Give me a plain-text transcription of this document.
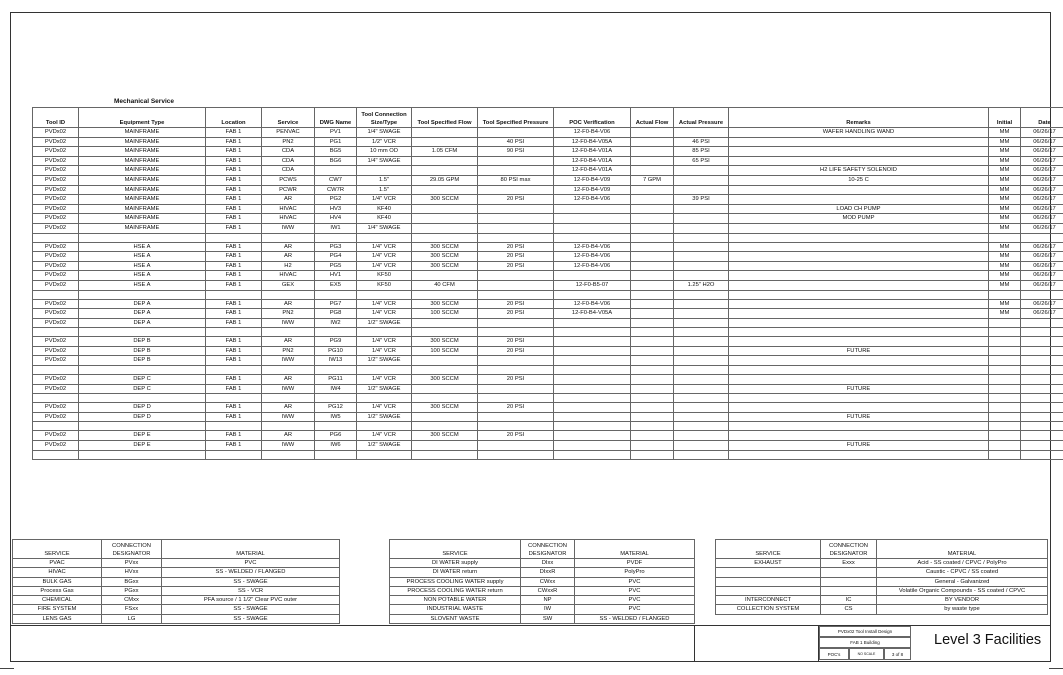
Mechanical Service
Tool ID	Equipment Type	Location	Service	DWG Name	Tool Connection Size/Type	Tool Specified Flow	Tool Specified Pressure	POC Verification	Actual Flow	Actual Pressure	Remarks	Initial	Date
PVDx02	MAINFRAME	FAB 1	PENVAC	PV1	1/4" SWAGE			12-F0-B4-V06			WAFER HANDLING WAND	MM	06/26/17
PVDx02	MAINFRAME	FAB 1	PN2	PG1	1/2" VCR		40 PSI	12-F0-B4-V05A		46 PSI		MM	06/26/17
PVDx02	MAINFRAME	FAB 1	CDA	BG5	10 mm OD	1.05 CFM	90 PSI	12-F0-B4-V01A		85 PSI		MM	06/26/17
PVDx02	MAINFRAME	FAB 1	CDA	BG6	1/4" SWAGE			12-F0-B4-V01A		65 PSI		MM	06/26/17
PVDx02	MAINFRAME	FAB 1	CDA					12-F0-B4-V01A			H2 LIFE SAFETY SOLENOID	MM	06/26/17
PVDx02	MAINFRAME	FAB 1	PCWS	CW7	1.5"	29.05 GPM	80 PSI max	12-F0-B4-V09	7 GPM		10-25 C	MM	06/26/17
PVDx02	MAINFRAME	FAB 1	PCWR	CW7R	1.5"			12-F0-B4-V09				MM	06/26/17
PVDx02	MAINFRAME	FAB 1	AR	PG2	1/4" VCR	300 SCCM	20 PSI	12-F0-B4-V06		39 PSI		MM	06/26/17
PVDx02	MAINFRAME	FAB 1	HIVAC	HV3	KF40						LOAD CH PUMP	MM	06/26/17
PVDx02	MAINFRAME	FAB 1	HIVAC	HV4	KF40						MOD PUMP	MM	06/26/17
PVDx02	MAINFRAME	FAB 1	IWW	IW1	1/4" SWAGE							MM	06/26/17

PVDx02	HSE A	FAB 1	AR	PG3	1/4" VCR	300 SCCM	20 PSI	12-F0-B4-V06				MM	06/26/17
PVDx02	HSE A	FAB 1	AR	PG4	1/4" VCR	300 SCCM	20 PSI	12-F0-B4-V06				MM	06/26/17
PVDx02	HSE A	FAB 1	H2	PG5	1/4" VCR	300 SCCM	20 PSI	12-F0-B4-V06				MM	06/26/17
PVDx02	HSE A	FAB 1	HIVAC	HV1	KF50							MM	06/26/17
PVDx02	HSE A	FAB 1	GEX	EX5	KF50	40 CFM		12-F0-B5-07		1.25" H2O		MM	06/26/17

PVDx02	DEP A	FAB 1	AR	PG7	1/4" VCR	300 SCCM	20 PSI	12-F0-B4-V06				MM	06/26/17
PVDx02	DEP A	FAB 1	PN2	PG8	1/4" VCR	100 SCCM	20 PSI	12-F0-B4-V05A				MM	06/26/17
PVDx02	DEP A	FAB 1	IWW	IW2	1/2" SWAGE								

PVDx02	DEP B	FAB 1	AR	PG9	1/4" VCR	300 SCCM	20 PSI						
PVDx02	DEP B	FAB 1	PN2	PG10	1/4" VCR	100 SCCM	20 PSI				FUTURE		
PVDx02	DEP B	FAB 1	IWW	IW13	1/2" SWAGE								

PVDx02	DEP C	FAB 1	AR	PG11	1/4" VCR	300 SCCM	20 PSI						
PVDx02	DEP C	FAB 1	IWW	IW4	1/2" SWAGE						FUTURE		

PVDx02	DEP D	FAB 1	AR	PG12	1/4" VCR	300 SCCM	20 PSI						
PVDx02	DEP D	FAB 1	IWW	IW5	1/2" SWAGE						FUTURE		

PVDx02	DEP E	FAB 1	AR	PG6	1/4" VCR	300 SCCM	20 PSI						
PVDx02	DEP E	FAB 1	IWW	IW6	1/2" SWAGE						FUTURE		

SERVICE	CONNECTION DESIGNATOR	MATERIAL
PVAC	PVxx	PVC
HIVAC	HVxx	SS - WELDED / FLANGED
BULK GAS	BGxx	SS - SWAGE
Process Gas	PGxx	SS - VCR
CHEMICAL	CMxx	PFA source / 1 1/2" Clear PVC outer
FIRE SYSTEM	FSxx	SS - SWAGE
LENS GAS	LG	SS - SWAGE
SERVICE	CONNECTION DESIGNATOR	MATERIAL
DI WATER supply	DIxx	PVDF
DI WATER return	DIxxR	PolyPro
PROCESS COOLING WATER supply	CWxx	PVC
PROCESS COOLING WATER return	CWxxR	PVC
NON POTABLE WATER	NP	PVC
INDUSTRIAL WASTE	IW	PVC
SLOVENT WASTE	SW	SS - WELDED / FLANGED
SERVICE	CONNECTION DESIGNATOR	MATERIAL
EXHAUST	Exxx	Acid - SS coated / CPVC / PolyPro
		Caustic - CPVC / SS coated
		General - Galvanized
		Volatile Organic Compounds - SS coated / CPVC
INTERCONNECT	IC	BY VENDOR
COLLECTION SYSTEM	CS	by waste type
PVDx02 Tool Install Design
FAB 1 Building
POC's	NO SCALE	3 of 8
Level 3 Facilities
